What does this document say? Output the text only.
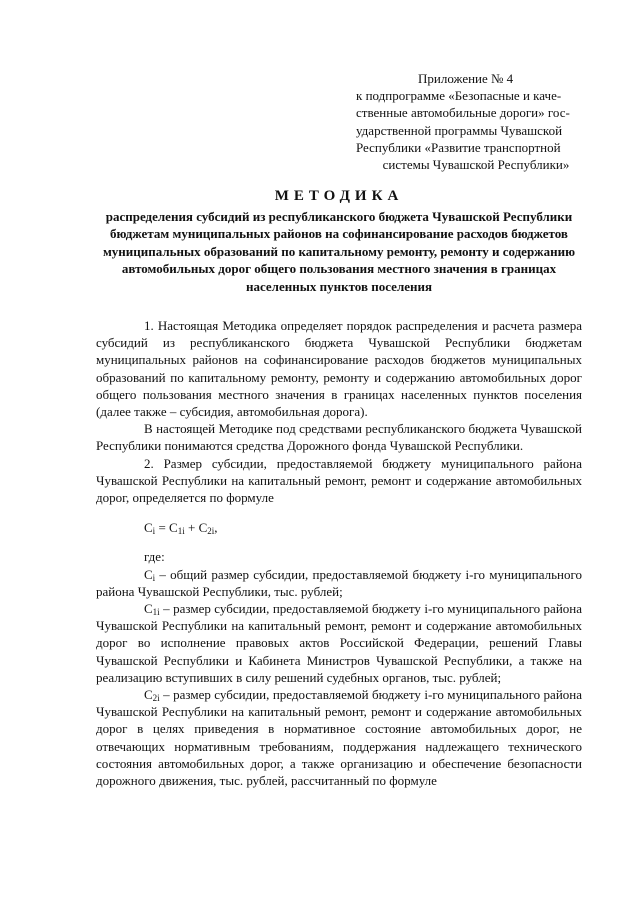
Приложение № 4
к подпрограмме «Безопасные и каче-
ственные автомобильные дороги» гос-
ударственной программы Чувашской
Республики «Развитие транспортной
системы Чувашской Республики»
МЕТОДИКА
распределения субсидий из республиканского бюджета Чувашской Республики бюджетам муниципальных районов на софинансирование расходов бюджетов муниципальных образований по капитальному ремонту, ремонту и содержанию автомобильных дорог общего пользования местного значения в границах населенных пунктов поселения

1. Настоящая Методика определяет порядок распределения и расчета размера субсидий из республиканского бюджета Чувашской Республики бюджетам муниципальных районов на софинансирование расходов бюджетов муниципальных образований по капитальному ремонту, ремонту и содержанию автомобильных дорог общего пользования местного значения в границах населенных пунктов поселения (далее также – субсидия, автомобильная дорога).

В настоящей Методике под средствами республиканского бюджета Чувашской Республики понимаются средства Дорожного фонда Чувашской Республики.

2. Размер субсидии, предоставляемой бюджету муниципального района Чувашской Республики на капитальный ремонт, ремонт и содержание автомобильных дорог, определяется по формуле

$C_i = C_{1i} + C_{2i}$,

где:

$C_i$ – общий размер субсидии, предоставляемой бюджету i-го муниципального района Чувашской Республики, тыс. рублей;

$C_{1i}$ – размер субсидии, предоставляемой бюджету i-го муниципального района Чувашской Республики на капитальный ремонт, ремонт и содержание автомобильных дорог во исполнение правовых актов Российской Федерации, решений Главы Чувашской Республики и Кабинета Министров Чувашской Республики, а также на реализацию вступивших в силу решений судебных органов, тыс. рублей;

$C_{2i}$ – размер субсидии, предоставляемой бюджету i-го муниципального района Чувашской Республики на капитальный ремонт, ремонт и содержание автомобильных дорог в целях приведения в нормативное состояние автомобильных дорог, не отвечающих нормативным требованиям, поддержания надлежащего технического состояния автомобильных дорог, а также организацию и обеспечение безопасности дорожного движения, тыс. рублей, рассчитанный по формуле
